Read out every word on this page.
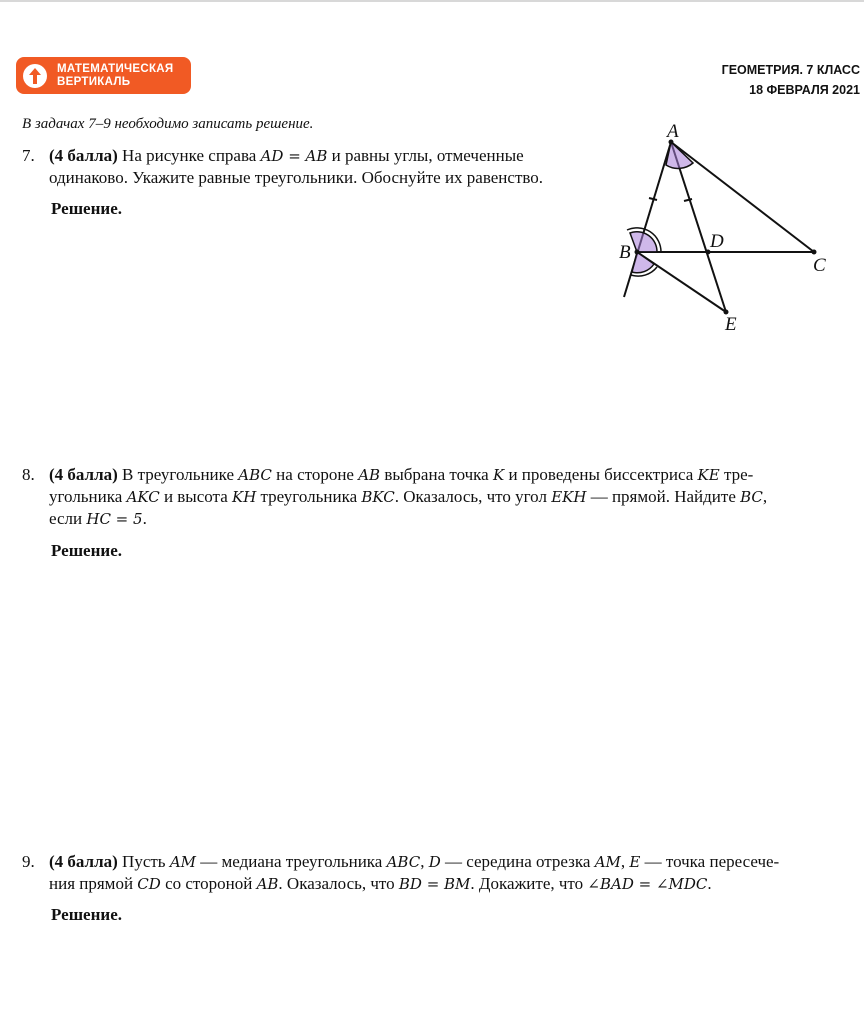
МАТЕМАТИЧЕСКАЯ
ВЕРТИКАЛЬ
ГЕОМЕТРИЯ. 7 КЛАСС
18 ФЕВРАЛЯ 2021
В задачах 7–9 необходимо записать решение.
7. (4 балла) На рисунке справа AD = AB и равны углы, отмеченные
одинаково. Укажите равные треугольники. Обоснуйте их равенство.
Решение.
A
B
C
D
E
8. (4 балла) В треугольнике ABC на стороне AB выбрана точка K и проведены биссектриса KE тре-
угольника AKC и высота KH треугольника BKC. Оказалось, что угол EKH — прямой. Найдите BC,
если HC = 5.
Решение.
9. (4 балла) Пусть AM — медиана треугольника ABC, D — середина отрезка AM, E — точка пересече-
ния прямой CD со стороной AB. Оказалось, что BD = BM. Докажите, что ∠BAD = ∠MDC.
Решение.
